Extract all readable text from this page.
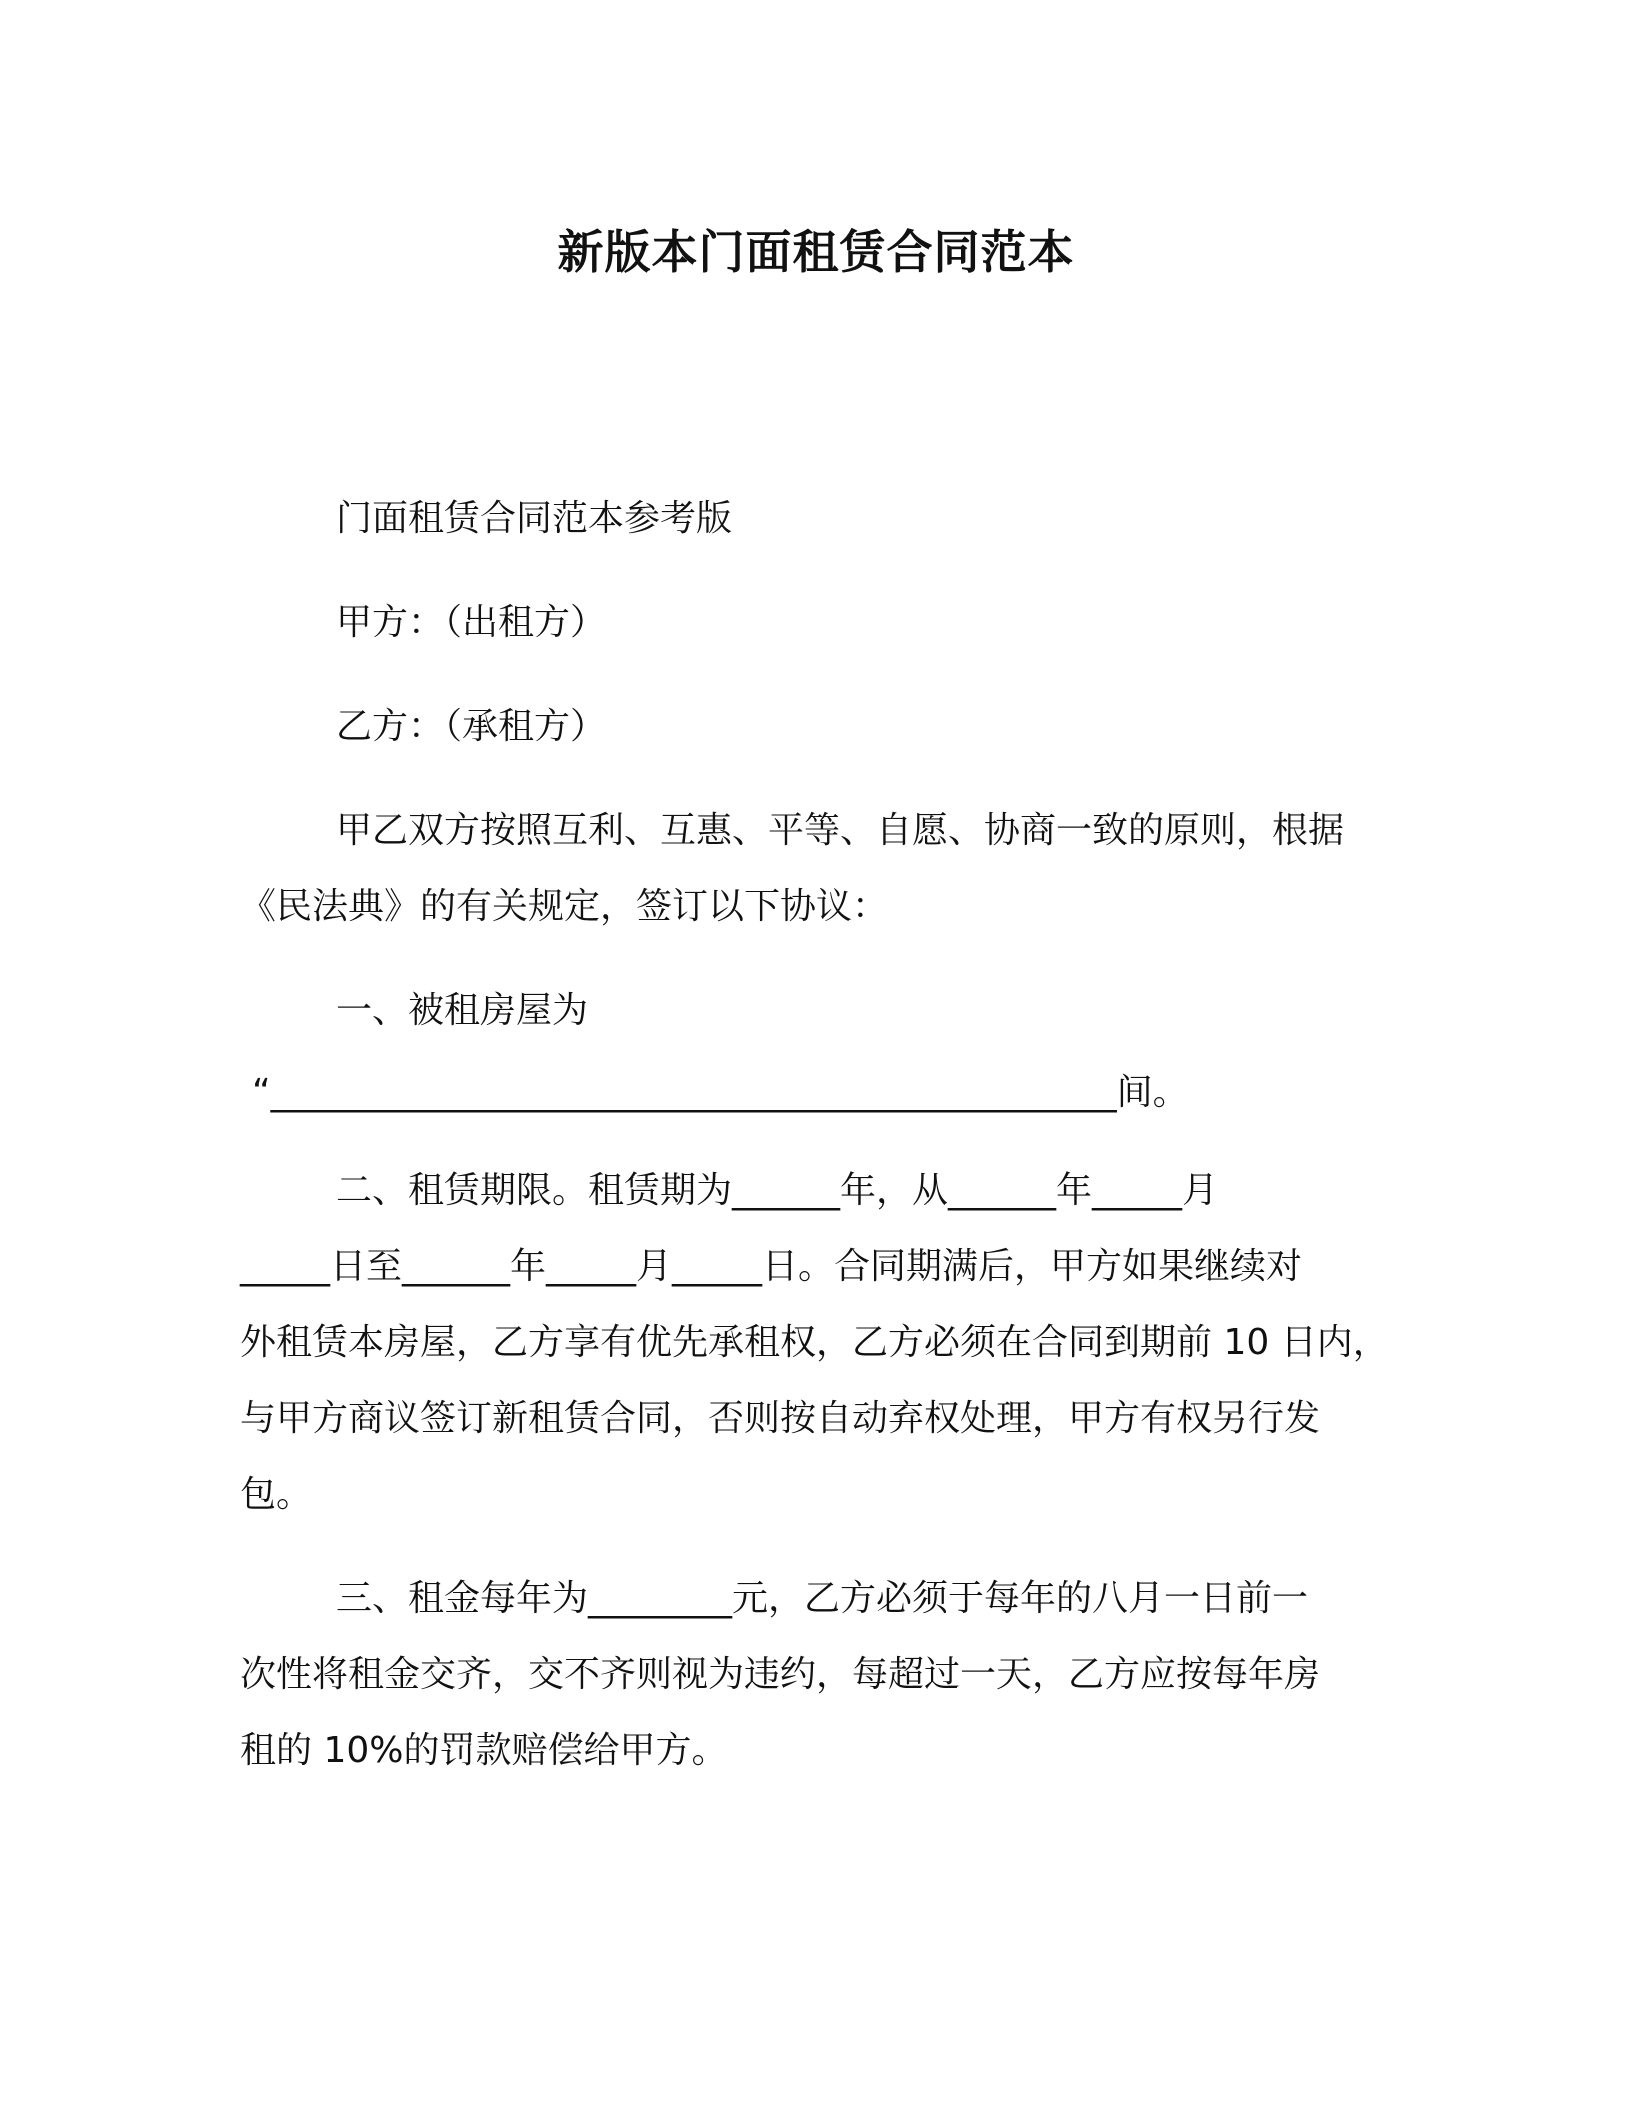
新版本门面租赁合同范本

门面租赁合同范本参考版

甲方：（出租方）

乙方：（承租方）

甲乙双方按照互利、互惠、平等、自愿、协商一致的原则，根据

《民法典》的有关规定，签订以下协议：

一、被租房屋为

“_______________________________________________间。

二、租赁期限。租赁期为______年，从______年_____月

_____日至______年_____月_____日。合同期满后，甲方如果继续对

外租赁本房屋，乙方享有优先承租权，乙方必须在合同到期前 10 日内，

与甲方商议签订新租赁合同，否则按自动弃权处理，甲方有权另行发

包。

三、租金每年为________元，乙方必须于每年的八月一日前一

次性将租金交齐，交不齐则视为违约，每超过一天，乙方应按每年房

租的 10%的罚款赔偿给甲方。
